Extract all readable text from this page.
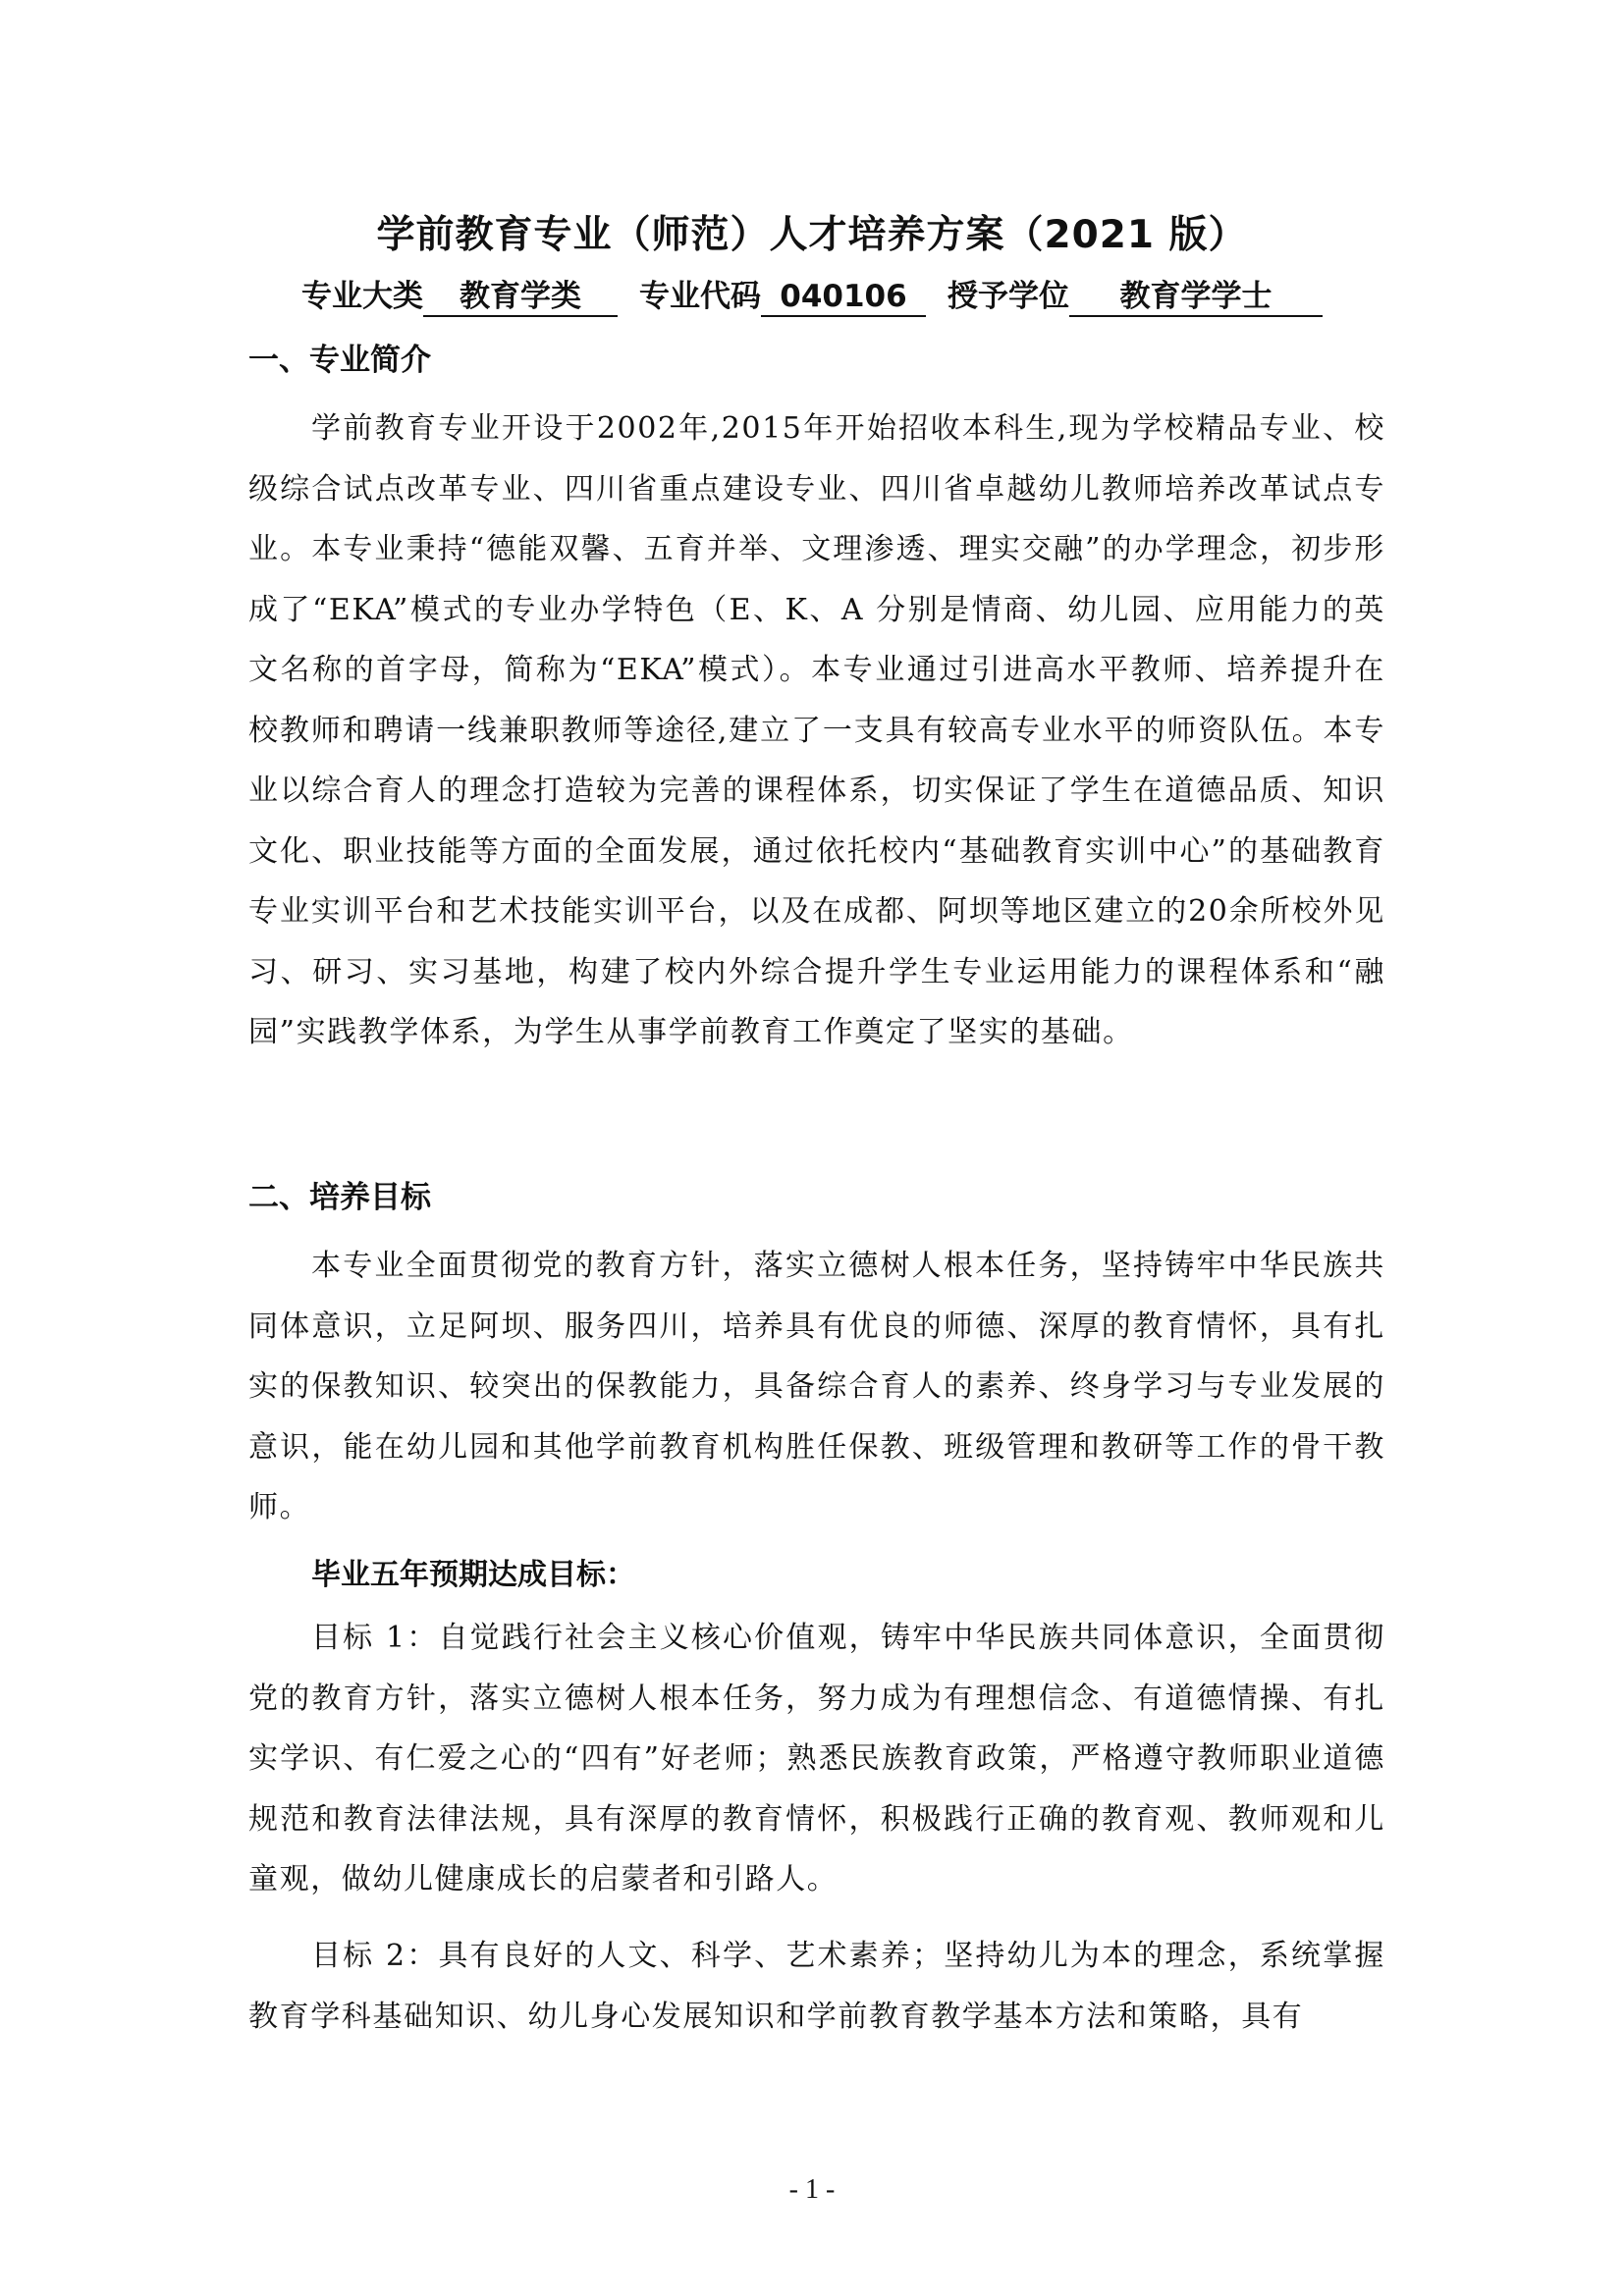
学前教育专业（师范）人才培养方案（2021 版）
专业大类 教育学类 专业代码 040106 授予学位 教育学学士
一、专业简介

学前教育专业开设于2002年,2015年开始招收本科生,现为学校精品专业、校级综合试点改革专业、四川省重点建设专业、四川省卓越幼儿教师培养改革试点专业。本专业秉持“德能双馨、五育并举、文理渗透、理实交融”的办学理念，初步形成了“EKA”模式的专业办学特色（E、K、A 分别是情商、幼儿园、应用能力的英文名称的首字母，简称为“EKA”模式）。本专业通过引进高水平教师、培养提升在校教师和聘请一线兼职教师等途径,建立了一支具有较高专业水平的师资队伍。本专业以综合育人的理念打造较为完善的课程体系，切实保证了学生在道德品质、知识文化、职业技能等方面的全面发展，通过依托校内“基础教育实训中心”的基础教育专业实训平台和艺术技能实训平台，以及在成都、阿坝等地区建立的20余所校外见习、研习、实习基地，构建了校内外综合提升学生专业运用能力的课程体系和“融园”实践教学体系，为学生从事学前教育工作奠定了坚实的基础。

二、培养目标

本专业全面贯彻党的教育方针，落实立德树人根本任务，坚持铸牢中华民族共同体意识，立足阿坝、服务四川，培养具有优良的师德、深厚的教育情怀，具有扎实的保教知识、较突出的保教能力，具备综合育人的素养、终身学习与专业发展的意识，能在幼儿园和其他学前教育机构胜任保教、班级管理和教研等工作的骨干教师。

毕业五年预期达成目标：

目标 1：自觉践行社会主义核心价值观，铸牢中华民族共同体意识，全面贯彻党的教育方针，落实立德树人根本任务，努力成为有理想信念、有道德情操、有扎实学识、有仁爱之心的“四有”好老师；熟悉民族教育政策，严格遵守教师职业道德规范和教育法律法规，具有深厚的教育情怀，积极践行正确的教育观、教师观和儿童观，做幼儿健康成长的启蒙者和引路人。

目标 2：具有良好的人文、科学、艺术素养；坚持幼儿为本的理念，系统掌握教育学科基础知识、幼儿身心发展知识和学前教育教学基本方法和策略，具有

- 1 -
